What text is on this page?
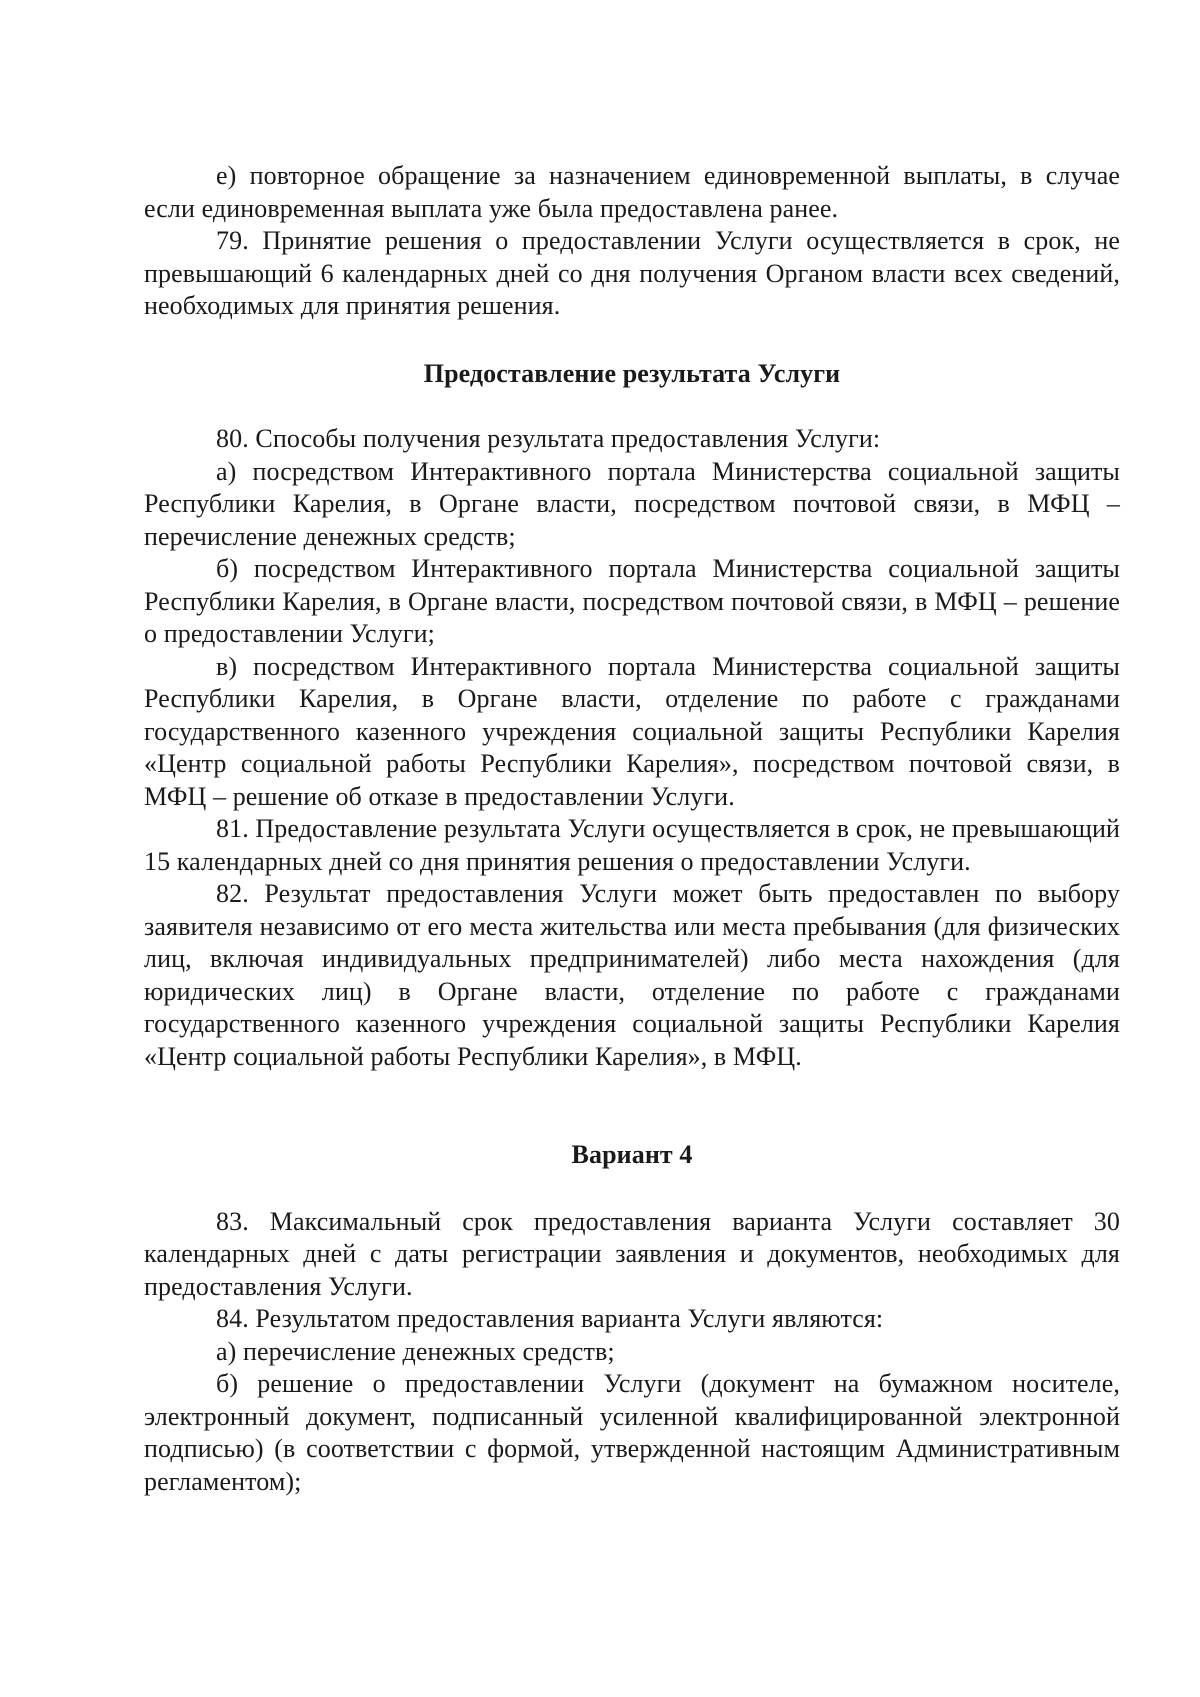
е) повторное обращение за назначением единовременной выплаты, в случае если единовременная выплата уже была предоставлена ранее.

79. Принятие решения о предоставлении Услуги осуществляется в срок, не превышающий 6 календарных дней со дня получения Органом власти всех сведений, необходимых для принятия решения.

Предоставление результата Услуги

80. Способы получения результата предоставления Услуги:

а) посредством Интерактивного портала Министерства социальной защиты Республики Карелия, в Органе власти, посредством почтовой связи, в МФЦ – перечисление денежных средств;

б) посредством Интерактивного портала Министерства социальной защиты Республики Карелия, в Органе власти, посредством почтовой связи, в МФЦ – решение о предоставлении Услуги;

в) посредством Интерактивного портала Министерства социальной защиты Республики Карелия, в Органе власти, отделение по работе с гражданами государственного казенного учреждения социальной защиты Республики Карелия «Центр социальной работы Республики Карелия», посредством почтовой связи, в МФЦ – решение об отказе в предоставлении Услуги.

81. Предоставление результата Услуги осуществляется в срок, не превышающий 15 календарных дней со дня принятия решения о предоставлении Услуги.

82. Результат предоставления Услуги может быть предоставлен по выбору заявителя независимо от его места жительства или места пребывания (для физических лиц, включая индивидуальных предпринимателей) либо места нахождения (для юридических лиц) в Органе власти, отделение по работе с гражданами государственного казенного учреждения социальной защиты Республики Карелия «Центр социальной работы Республики Карелия», в МФЦ.

Вариант 4

83. Максимальный срок предоставления варианта Услуги составляет 30 календарных дней с даты регистрации заявления и документов, необходимых для предоставления Услуги.

84. Результатом предоставления варианта Услуги являются:

а) перечисление денежных средств;

б) решение о предоставлении Услуги (документ на бумажном носителе, электронный документ, подписанный усиленной квалифицированной электронной подписью) (в соответствии с формой, утвержденной настоящим Административным регламентом);
